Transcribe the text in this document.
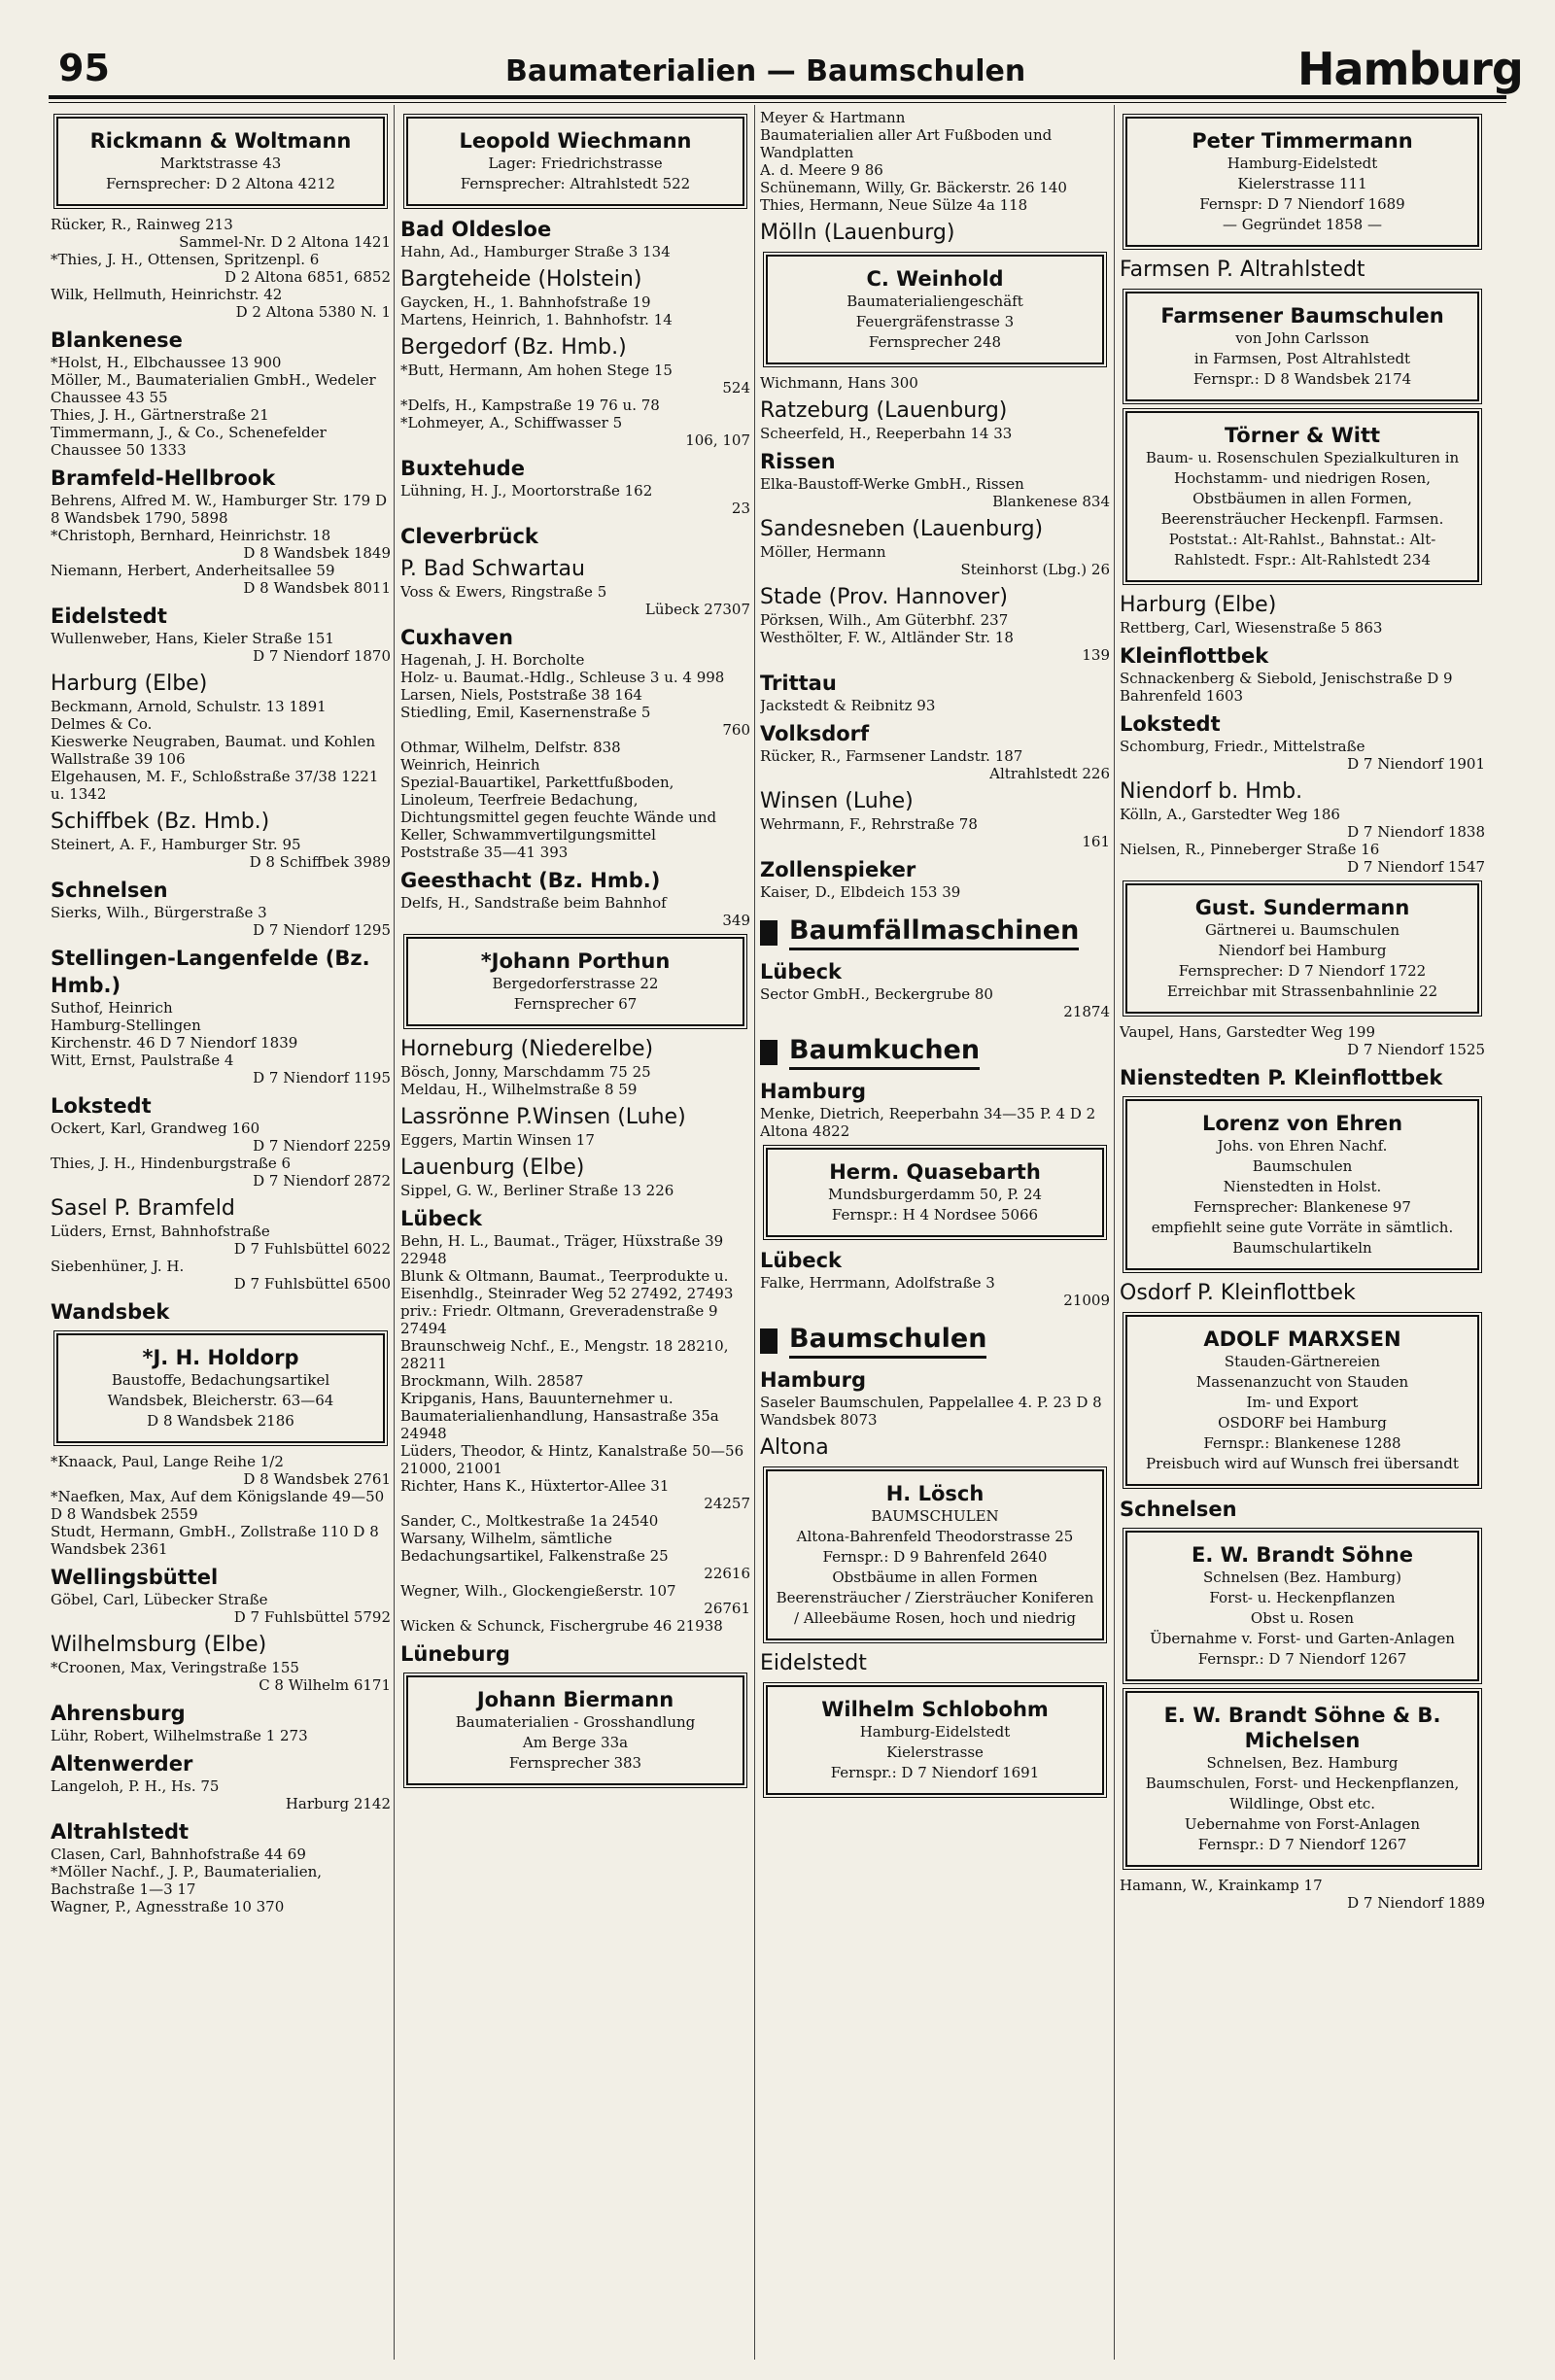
95	Baumaterialien — Baumschulen	Hamburg
Rickmann & Woltmann
Marktstrasse 43
Fernsprecher: D 2 Altona 4212
Rücker, R., Rainweg 213
Sammel-Nr. D 2 Altona 1421
*Thies, J. H., Ottensen, Spritzenpl. 6
D 2 Altona 6851, 6852
Wilk, Hellmuth, Heinrichstr. 42
D 2 Altona 5380 N. 1
Blankenese
*Holst, H., Elbchaussee 13 900
Möller, M., Baumaterialien GmbH., Wedeler Chaussee 43 55
Thies, J. H., Gärtnerstraße 21
Timmermann, J., & Co., Schenefelder Chaussee 50 1333
Bramfeld-Hellbrook
Behrens, Alfred M. W., Hamburger Str. 179 D 8 Wandsbek 1790, 5898
*Christoph, Bernhard, Heinrichstr. 18
D 8 Wandsbek 1849
Niemann, Herbert, Anderheitsallee 59
D 8 Wandsbek 8011
Eidelstedt
Wullenweber, Hans, Kieler Straße 151
D 7 Niendorf 1870
Harburg (Elbe)
Beckmann, Arnold, Schulstr. 13 1891
Delmes & Co.
Kieswerke Neugraben, Baumat. und Kohlen
Wallstraße 39 106
Elgehausen, M. F., Schloßstraße 37/38 1221 u. 1342
Schiffbek (Bz. Hmb.)
Steinert, A. F., Hamburger Str. 95
D 8 Schiffbek 3989
Schnelsen
Sierks, Wilh., Bürgerstraße 3
D 7 Niendorf 1295
Stellingen-Langenfelde (Bz. Hmb.)
Suthof, Heinrich
Hamburg-Stellingen
Kirchenstr. 46 D 7 Niendorf 1839
Witt, Ernst, Paulstraße 4
D 7 Niendorf 1195
Lokstedt
Ockert, Karl, Grandweg 160
D 7 Niendorf 2259
Thies, J. H., Hindenburgstraße 6
D 7 Niendorf 2872
Sasel P. Bramfeld
Lüders, Ernst, Bahnhofstraße
D 7 Fuhlsbüttel 6022
Siebenhüner, J. H.
D 7 Fuhlsbüttel 6500
Wandsbek
*J. H. Holdorp
Baustoffe, Bedachungsartikel
Wandsbek, Bleicherstr. 63—64
D 8 Wandsbek 2186
*Knaack, Paul, Lange Reihe 1/2
D 8 Wandsbek 2761
*Naefken, Max, Auf dem Königslande 49—50 D 8 Wandsbek 2559
Studt, Hermann, GmbH., Zollstraße 110 D 8 Wandsbek 2361
Wellingsbüttel
Göbel, Carl, Lübecker Straße
D 7 Fuhlsbüttel 5792
Wilhelmsburg (Elbe)
*Croonen, Max, Veringstraße 155
C 8 Wilhelm 6171
Ahrensburg
Lühr, Robert, Wilhelmstraße 1 273
Altenwerder
Langeloh, P. H., Hs. 75
Harburg 2142
Altrahlstedt
Clasen, Carl, Bahnhofstraße 44 69
*Möller Nachf., J. P., Baumaterialien, Bachstraße 1—3 17
Wagner, P., Agnesstraße 10 370
Leopold Wiechmann
Lager: Friedrichstrasse
Fernsprecher: Altrahlstedt 522
Bad Oldesloe
Hahn, Ad., Hamburger Straße 3 134
Bargteheide (Holstein)
Gaycken, H., 1. Bahnhofstraße 19
Martens, Heinrich, 1. Bahnhofstr. 14
Bergedorf (Bz. Hmb.)
*Butt, Hermann, Am hohen Stege 15
524
*Delfs, H., Kampstraße 19 76 u. 78
*Lohmeyer, A., Schiffwasser 5
106, 107
Buxtehude
Lühning, H. J., Moortorstraße 162
23
Cleverbrück
P. Bad Schwartau
Voss & Ewers, Ringstraße 5
Lübeck 27307
Cuxhaven
Hagenah, J. H. Borcholte
Holz- u. Baumat.-Hdlg., Schleuse 3 u. 4 998
Larsen, Niels, Poststraße 38 164
Stiedling, Emil, Kasernenstraße 5
760
Othmar, Wilhelm, Delfstr. 838
Weinrich, Heinrich
Spezial-Bauartikel, Parkettfußboden, Linoleum, Teerfreie Bedachung, Dichtungsmittel gegen feuchte Wände und Keller, Schwammvertilgungsmittel
Poststraße 35—41 393
Geesthacht (Bz. Hmb.)
Delfs, H., Sandstraße beim Bahnhof
349
*Johann Porthun
Bergedorferstrasse 22
Fernsprecher 67
Horneburg (Niederelbe)
Bösch, Jonny, Marschdamm 75 25
Meldau, H., Wilhelmstraße 8 59
Lassrönne P.Winsen (Luhe)
Eggers, Martin Winsen 17
Lauenburg (Elbe)
Sippel, G. W., Berliner Straße 13 226
Lübeck
Behn, H. L., Baumat., Träger, Hüxstraße 39 22948
Blunk & Oltmann, Baumat., Teerprodukte u. Eisenhdlg., Steinrader Weg 52 27492, 27493
priv.: Friedr. Oltmann, Greveradenstraße 9 27494
Braunschweig Nchf., E., Mengstr. 18 28210, 28211
Brockmann, Wilh. 28587
Kripganis, Hans, Bauunternehmer u. Baumaterialienhandlung, Hansastraße 35a 24948
Lüders, Theodor, & Hintz, Kanalstraße 50—56 21000, 21001
Richter, Hans K., Hüxtertor-Allee 31
24257
Sander, C., Moltkestraße 1a 24540
Warsany, Wilhelm, sämtliche Bedachungsartikel, Falkenstraße 25
22616
Wegner, Wilh., Glockengießerstr. 107
26761
Wicken & Schunck, Fischergrube 46 21938
Lüneburg
Johann Biermann
Baumaterialien - Grosshandlung
Am Berge 33a
Fernsprecher 383
Meyer & Hartmann
Baumaterialien aller Art Fußboden und Wandplatten
A. d. Meere 9 86
Schünemann, Willy, Gr. Bäckerstr. 26 140
Thies, Hermann, Neue Sülze 4a 118
Mölln (Lauenburg)
C. Weinhold
Baumaterialiengeschäft
Feuergräfenstrasse 3
Fernsprecher 248
Wichmann, Hans 300
Ratzeburg (Lauenburg)
Scheerfeld, H., Reeperbahn 14 33
Rissen
Elka-Baustoff-Werke GmbH., Rissen
Blankenese 834
Sandesneben (Lauenburg)
Möller, Hermann
Steinhorst (Lbg.) 26
Stade (Prov. Hannover)
Pörksen, Wilh., Am Güterbhf. 237
Westhölter, F. W., Altländer Str. 18
139
Trittau
Jackstedt & Reibnitz 93
Volksdorf
Rücker, R., Farmsener Landstr. 187
Altrahlstedt 226
Winsen (Luhe)
Wehrmann, F., Rehrstraße 78
161
Zollenspieker
Kaiser, D., Elbdeich 153 39
Baumfällmaschinen
Lübeck
Sector GmbH., Beckergrube 80
21874
Baumkuchen
Hamburg
Menke, Dietrich, Reeperbahn 34—35 P. 4 D 2 Altona 4822
Herm. Quasebarth
Mundsburgerdamm 50, P. 24
Fernspr.: H 4 Nordsee 5066
Lübeck
Falke, Herrmann, Adolfstraße 3
21009
Baumschulen
Hamburg
Saseler Baumschulen, Pappelallee 4. P. 23 D 8 Wandsbek 8073
Altona
H. Lösch
BAUMSCHULEN
Altona-Bahrenfeld Theodorstrasse 25
Fernspr.: D 9 Bahrenfeld 2640
Obstbäume in allen Formen Beerensträucher / Ziersträucher Koniferen / Alleebäume Rosen, hoch und niedrig
Eidelstedt
Wilhelm Schlobohm
Hamburg-Eidelstedt
Kielerstrasse
Fernspr.: D 7 Niendorf 1691
Peter Timmermann
Hamburg-Eidelstedt
Kielerstrasse 111
Fernspr: D 7 Niendorf 1689
— Gegründet 1858 —
Farmsen P. Altrahlstedt
Farmsener Baumschulen
von John Carlsson
in Farmsen, Post Altrahlstedt
Fernspr.: D 8 Wandsbek 2174
Törner & Witt
Baum- u. Rosenschulen Spezialkulturen in Hochstamm- und niedrigen Rosen, Obstbäumen in allen Formen, Beerensträucher Heckenpfl. Farmsen. Poststat.: Alt-Rahlst., Bahnstat.: Alt-Rahlstedt. Fspr.: Alt-Rahlstedt 234
Harburg (Elbe)
Rettberg, Carl, Wiesenstraße 5 863
Kleinflottbek
Schnackenberg & Siebold, Jenischstraße D 9 Bahrenfeld 1603
Lokstedt
Schomburg, Friedr., Mittelstraße
D 7 Niendorf 1901
Niendorf b. Hmb.
Kölln, A., Garstedter Weg 186
D 7 Niendorf 1838
Nielsen, R., Pinneberger Straße 16
D 7 Niendorf 1547
Gust. Sundermann
Gärtnerei u. Baumschulen
Niendorf bei Hamburg
Fernsprecher: D 7 Niendorf 1722
Erreichbar mit Strassenbahnlinie 22
Vaupel, Hans, Garstedter Weg 199
D 7 Niendorf 1525
Nienstedten P. Kleinflottbek
Lorenz von Ehren
Johs. von Ehren Nachf.
Baumschulen
Nienstedten in Holst.
Fernsprecher: Blankenese 97
empfiehlt seine gute Vorräte in sämtlich. Baumschulartikeln
Osdorf P. Kleinflottbek
ADOLF MARXSEN
Stauden-Gärtnereien
Massenanzucht von Stauden
Im- und Export
OSDORF bei Hamburg
Fernspr.: Blankenese 1288
Preisbuch wird auf Wunsch frei übersandt
Schnelsen
E. W. Brandt Söhne
Schnelsen (Bez. Hamburg)
Forst- u. Heckenpflanzen
Obst u. Rosen
Übernahme v. Forst- und Garten-Anlagen
Fernspr.: D 7 Niendorf 1267
E. W. Brandt Söhne & B. Michelsen
Schnelsen, Bez. Hamburg
Baumschulen, Forst- und Heckenpflanzen, Wildlinge, Obst etc.
Uebernahme von Forst-Anlagen
Fernspr.: D 7 Niendorf 1267
Hamann, W., Krainkamp 17
D 7 Niendorf 1889
